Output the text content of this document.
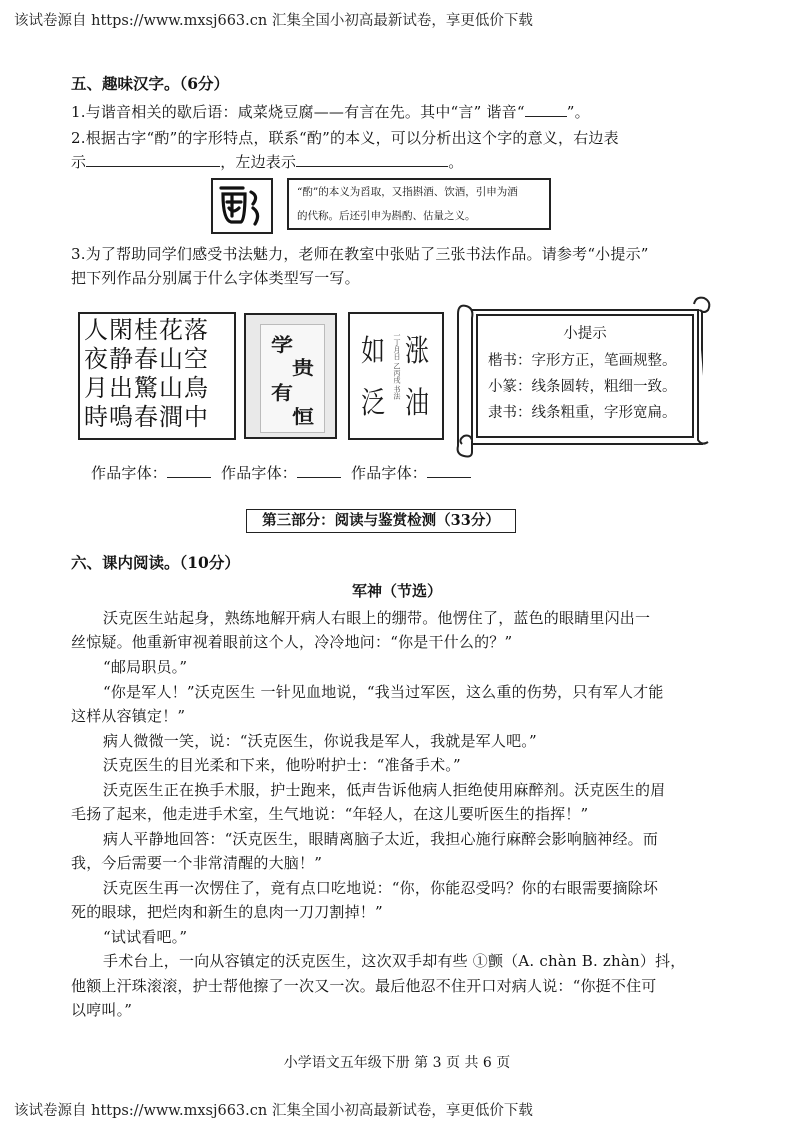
该试卷源自 https://www.mxsj663.cn 汇集全国小初高最新试卷，享更低价下载
五、趣味汉字。（6分）
1.与谐音相关的歇后语：咸菜烧豆腐——有言在先。其中“言” 谐音“	”。
2.根据古字“酌”的字形特点，联系“酌”的本义，可以分析出这个字的意义，右边表
示	，左边表示	。
“酌”的本义为舀取，又指斟酒、饮酒，引申为酒
的代称。后还引申为斟酌、估量之义。
3.为了帮助同学们感受书法魅力，老师在教室中张贴了三张书法作品。请参考“小提示”
把下列作品分别属于什么字体类型写一写。
人閑桂花落
夜静春山空
月出驚山鳥
時鳴春澗中
学
贵
有
恒
如
泛
涨
油
一丁月日 乙丙戌 书法	小提示
楷书：字形方正，笔画规整。
小篆：线条圆转，粗细一致。
隶书：线条粗重，字形宽扁。
作品字体：	作品字体：	作品字体：
第三部分：阅读与鉴赏检测（33分）
六、课内阅读。（10分）
军神（节选）
沃克医生站起身，熟练地解开病人右眼上的绷带。他愣住了，蓝色的眼睛里闪出一
丝惊疑。他重新审视着眼前这个人，冷冷地问：“你是干什么的？”
“邮局职员。”
“你是军人！”沃克医生 一针见血地说，“我当过军医，这么重的伤势，只有军人才能
这样从容镇定！”
病人微微一笑，说：“沃克医生，你说我是军人，我就是军人吧。”
沃克医生的目光柔和下来，他吩咐护士：“准备手术。”
沃克医生正在换手术服，护士跑来，低声告诉他病人拒绝使用麻醉剂。沃克医生的眉
毛扬了起来，他走进手术室，生气地说：“年轻人，在这儿要听医生的指挥！”
病人平静地回答：“沃克医生，眼睛离脑子太近，我担心施行麻醉会影响脑神经。而
我，今后需要一个非常清醒的大脑！”
沃克医生再一次愣住了，竟有点口吃地说：“你，你能忍受吗？你的右眼需要摘除坏
死的眼球，把烂肉和新生的息肉一刀刀割掉！”
“试试看吧。”
手术台上，一向从容镇定的沃克医生，这次双手却有些 ①颤（A. chàn B. zhàn）抖，
他额上汗珠滚滚，护士帮他擦了一次又一次。最后他忍不住开口对病人说：“你挺不住可
以哼叫。”
小学语文五年级下册 第 3 页 共 6 页
该试卷源自 https://www.mxsj663.cn 汇集全国小初高最新试卷，享更低价下载
